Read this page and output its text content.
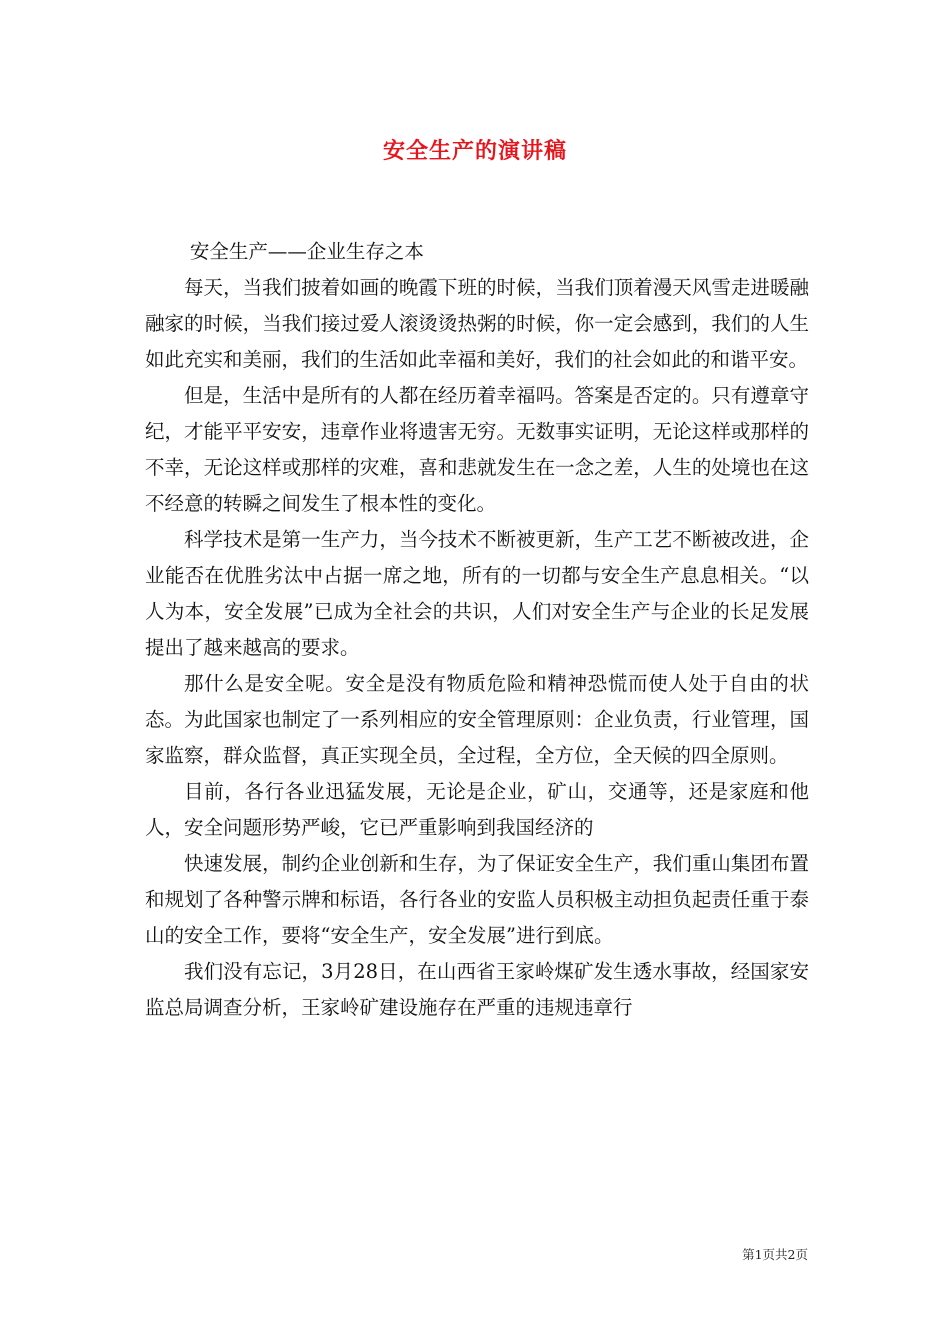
安全生产的演讲稿

安全生产——企业生存之本

每天，当我们披着如画的晚霞下班的时候，当我们顶着漫天风雪走进暖融融家的时候，当我们接过爱人滚烫烫热粥的时候，你一定会感到，我们的人生如此充实和美丽，我们的生活如此幸福和美好，我们的社会如此的和谐平安。

但是，生活中是所有的人都在经历着幸福吗。答案是否定的。只有遵章守纪，才能平平安安，违章作业将遗害无穷。无数事实证明，无论这样或那样的不幸，无论这样或那样的灾难，喜和悲就发生在一念之差，人生的处境也在这不经意的转瞬之间发生了根本性的变化。

科学技术是第一生产力，当今技术不断被更新，生产工艺不断被改进，企业能否在优胜劣汰中占据一席之地，所有的一切都与安全生产息息相关。“以人为本，安全发展”已成为全社会的共识，人们对安全生产与企业的长足发展提出了越来越高的要求。

那什么是安全呢。安全是没有物质危险和精神恐慌而使人处于自由的状态。为此国家也制定了一系列相应的安全管理原则：企业负责，行业管理，国家监察，群众监督，真正实现全员，全过程，全方位，全天候的四全原则。

目前，各行各业迅猛发展，无论是企业，矿山，交通等，还是家庭和他人，安全问题形势严峻，它已严重影响到我国经济的

快速发展，制约企业创新和生存，为了保证安全生产，我们重山集团布置和规划了各种警示牌和标语，各行各业的安监人员积极主动担负起责任重于泰山的安全工作，要将“安全生产，安全发展”进行到底。

我们没有忘记，3月28日，在山西省王家岭煤矿发生透水事故，经国家安监总局调查分析，王家岭矿建设施存在严重的违规违章行

第1页共2页
